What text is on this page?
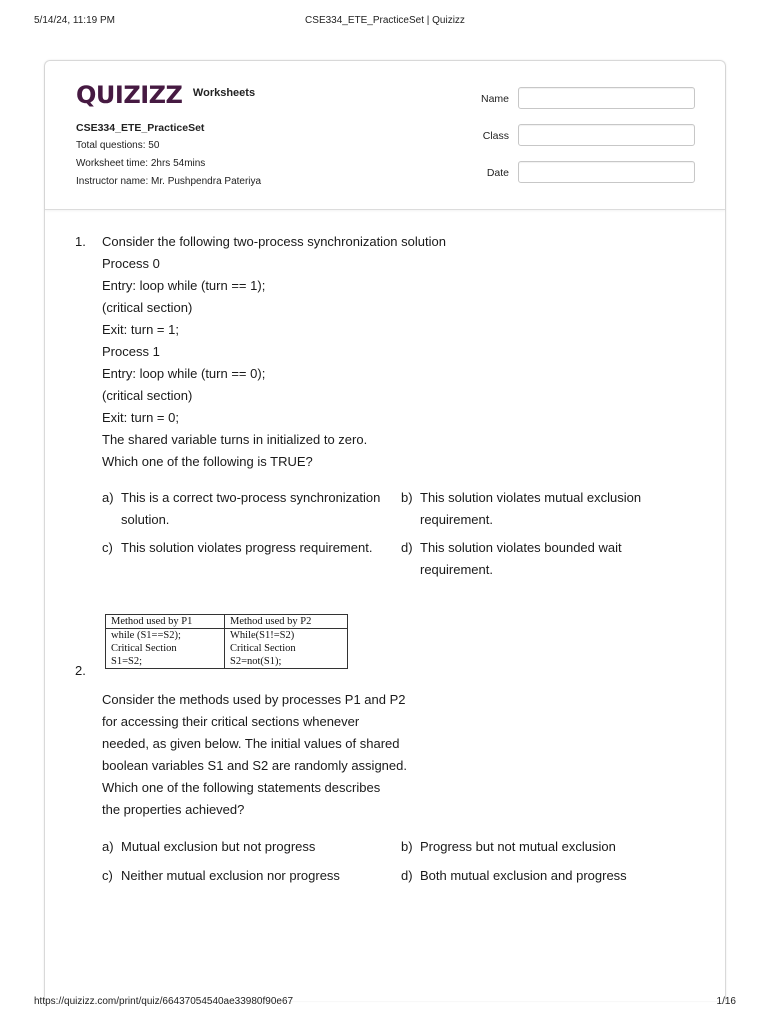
5/14/24, 11:19 PM	CSE334_ETE_PracticeSet | Quizizz
QUIZIZZ Worksheets
CSE334_ETE_PracticeSet
Total questions: 50
Worksheet time: 2hrs 54mins
Instructor name: Mr. Pushpendra Pateriya
Name
Class
Date
1. Consider the following two-process synchronization solution
Process 0
Entry: loop while (turn == 1);
(critical section)
Exit: turn = 1;
Process 1
Entry: loop while (turn == 0);
(critical section)
Exit: turn = 0;
The shared variable turns in initialized to zero.
Which one of the following is TRUE?
a) This is a correct two-process synchronization solution.
b) This solution violates mutual exclusion requirement.
c) This solution violates progress requirement.	d) This solution violates bounded wait requirement.
Method used by P1	Method used by P2
while (S1==S2);	While(S1!=S2)
Critical Section	Critical Section
S1=S2;	S2=not(S1);
2.
Consider the methods used by processes P1 and P2
for accessing their critical sections whenever
needed, as given below. The initial values of shared
boolean variables S1 and S2 are randomly assigned.
Which one of the following statements describes
the properties achieved?
a) Mutual exclusion but not progress	b) Progress but not mutual exclusion
c) Neither mutual exclusion nor progress	d) Both mutual exclusion and progress
https://quizizz.com/print/quiz/66437054540ae33980f90e67	1/16
